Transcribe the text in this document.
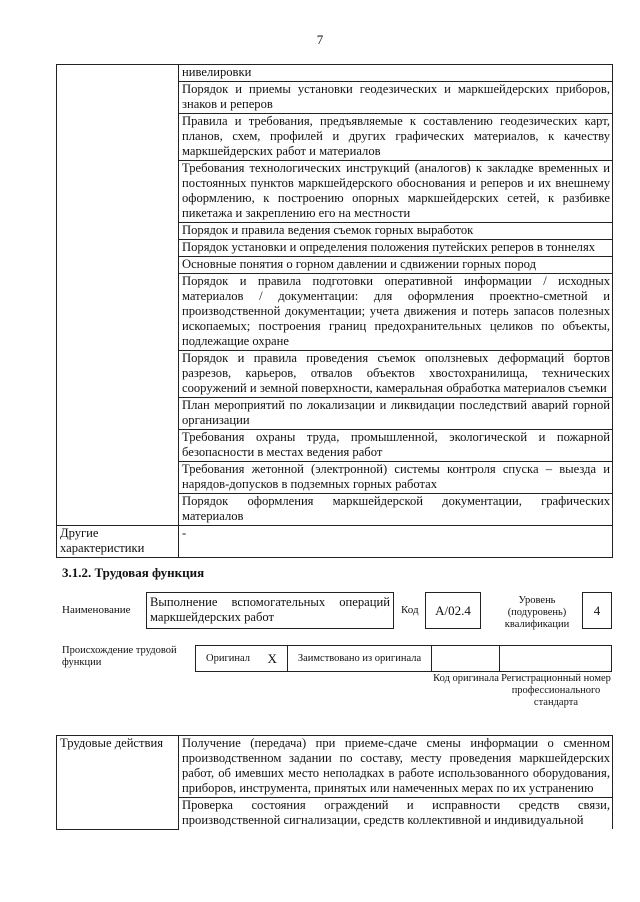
7
	нивелировки
	Порядок и приемы установки геодезических и маркшейдерских приборов, знаков и реперов
	Правила и требования, предъявляемые к составлению геодезических карт, планов, схем, профилей и других графических материалов, к качеству маркшейдерских работ и материалов
	Требования технологических инструкций (аналогов) к закладке временных и постоянных пунктов маркшейдерского обоснования и реперов и их внешнему оформлению, к построению опорных маркшейдерских сетей, к разбивке пикетажа и закреплению его на местности
	Порядок и правила ведения съемок горных выработок
	Порядок установки и определения положения путейских реперов в тоннелях
	Основные понятия о горном давлении и сдвижении горных пород
	Порядок и правила подготовки оперативной информации / исходных материалов / документации: для оформления проектно-сметной и производственной документации; учета движения и потерь запасов полезных ископаемых; построения границ предохранительных целиков по объекты, подлежащие охране
	Порядок и правила проведения съемок оползневых деформаций бортов разрезов, карьеров, отвалов объектов хвостохранилища, технических сооружений и земной поверхности, камеральная обработка материалов съемки
	План мероприятий по локализации и ликвидации последствий аварий горной организации
	Требования охраны труда, промышленной, экологической и пожарной безопасности в местах ведения работ
	Требования жетонной (электронной) системы контроля спуска – выезда и нарядов-допусков в подземных горных работах
	Порядок оформления маркшейдерской документации, графических материалов
Другие характеристики	-
3.1.2. Трудовая функция
Наименование
Выполнение вспомогательных операций маркшейдерских работ	Код	А/02.4
Уровень (подуровень) квалификации
4
Происхождение трудовой функции	Оригинал	X	Заимствовано из оригинала		
Код оригинала Регистрационный номер профессионального стандарта
Трудовые действия	Получение (передача) при приеме-сдаче смены информации о сменном производственном задании по составу, месту проведения маркшейдерских работ, об имевших место неполадках в работе использованного оборудования, приборов, инструмента, принятых или намеченных мерах по их устранению
Проверка состояния ограждений и исправности средств связи, производственной сигнализации, средств коллективной и индивидуальной
